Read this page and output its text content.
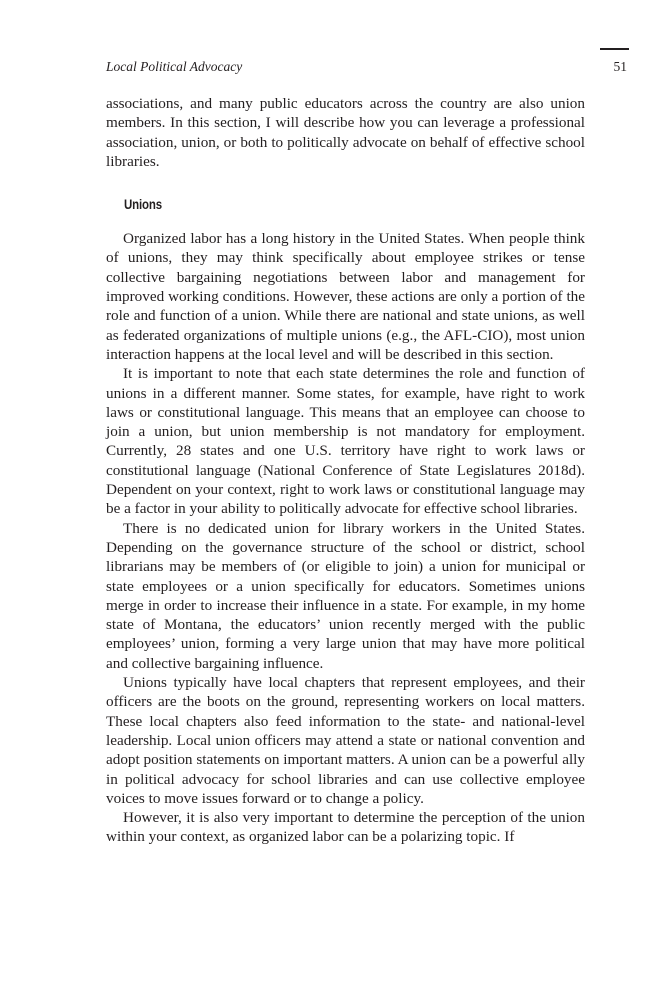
Local Political Advocacy	51

associations, and many public educators across the country are also union members. In this section, I will describe how you can leverage a professional association, union, or both to politically advocate on behalf of effective school libraries.

Unions

Organized labor has a long history in the United States. When people think of unions, they may think specifically about employee strikes or tense collective bargaining negotiations between labor and management for improved working conditions. However, these actions are only a portion of the role and function of a union. While there are national and state unions, as well as federated organizations of multiple unions (e.g., the AFL-CIO), most union interaction happens at the local level and will be described in this section.

It is important to note that each state determines the role and function of unions in a different manner. Some states, for example, have right to work laws or constitutional language. This means that an employee can choose to join a union, but union membership is not mandatory for employment. Currently, 28 states and one U.S. territory have right to work laws or constitutional language (National Conference of State Legislatures 2018d). Dependent on your context, right to work laws or constitutional language may be a factor in your ability to politically advocate for effective school libraries.

There is no dedicated union for library workers in the United States. Depending on the governance structure of the school or district, school librarians may be members of (or eligible to join) a union for municipal or state employees or a union specifically for educators. Sometimes unions merge in order to increase their influence in a state. For example, in my home state of Montana, the educators’ union recently merged with the public employees’ union, forming a very large union that may have more political and collective bargaining influence.

Unions typically have local chapters that represent employees, and their officers are the boots on the ground, representing workers on local matters. These local chapters also feed information to the state- and national-level leadership. Local union officers may attend a state or national convention and adopt position statements on important matters. A union can be a powerful ally in political advocacy for school libraries and can use collective employee voices to move issues forward or to change a policy.

However, it is also very important to determine the perception of the union within your context, as organized labor can be a polarizing topic. If
